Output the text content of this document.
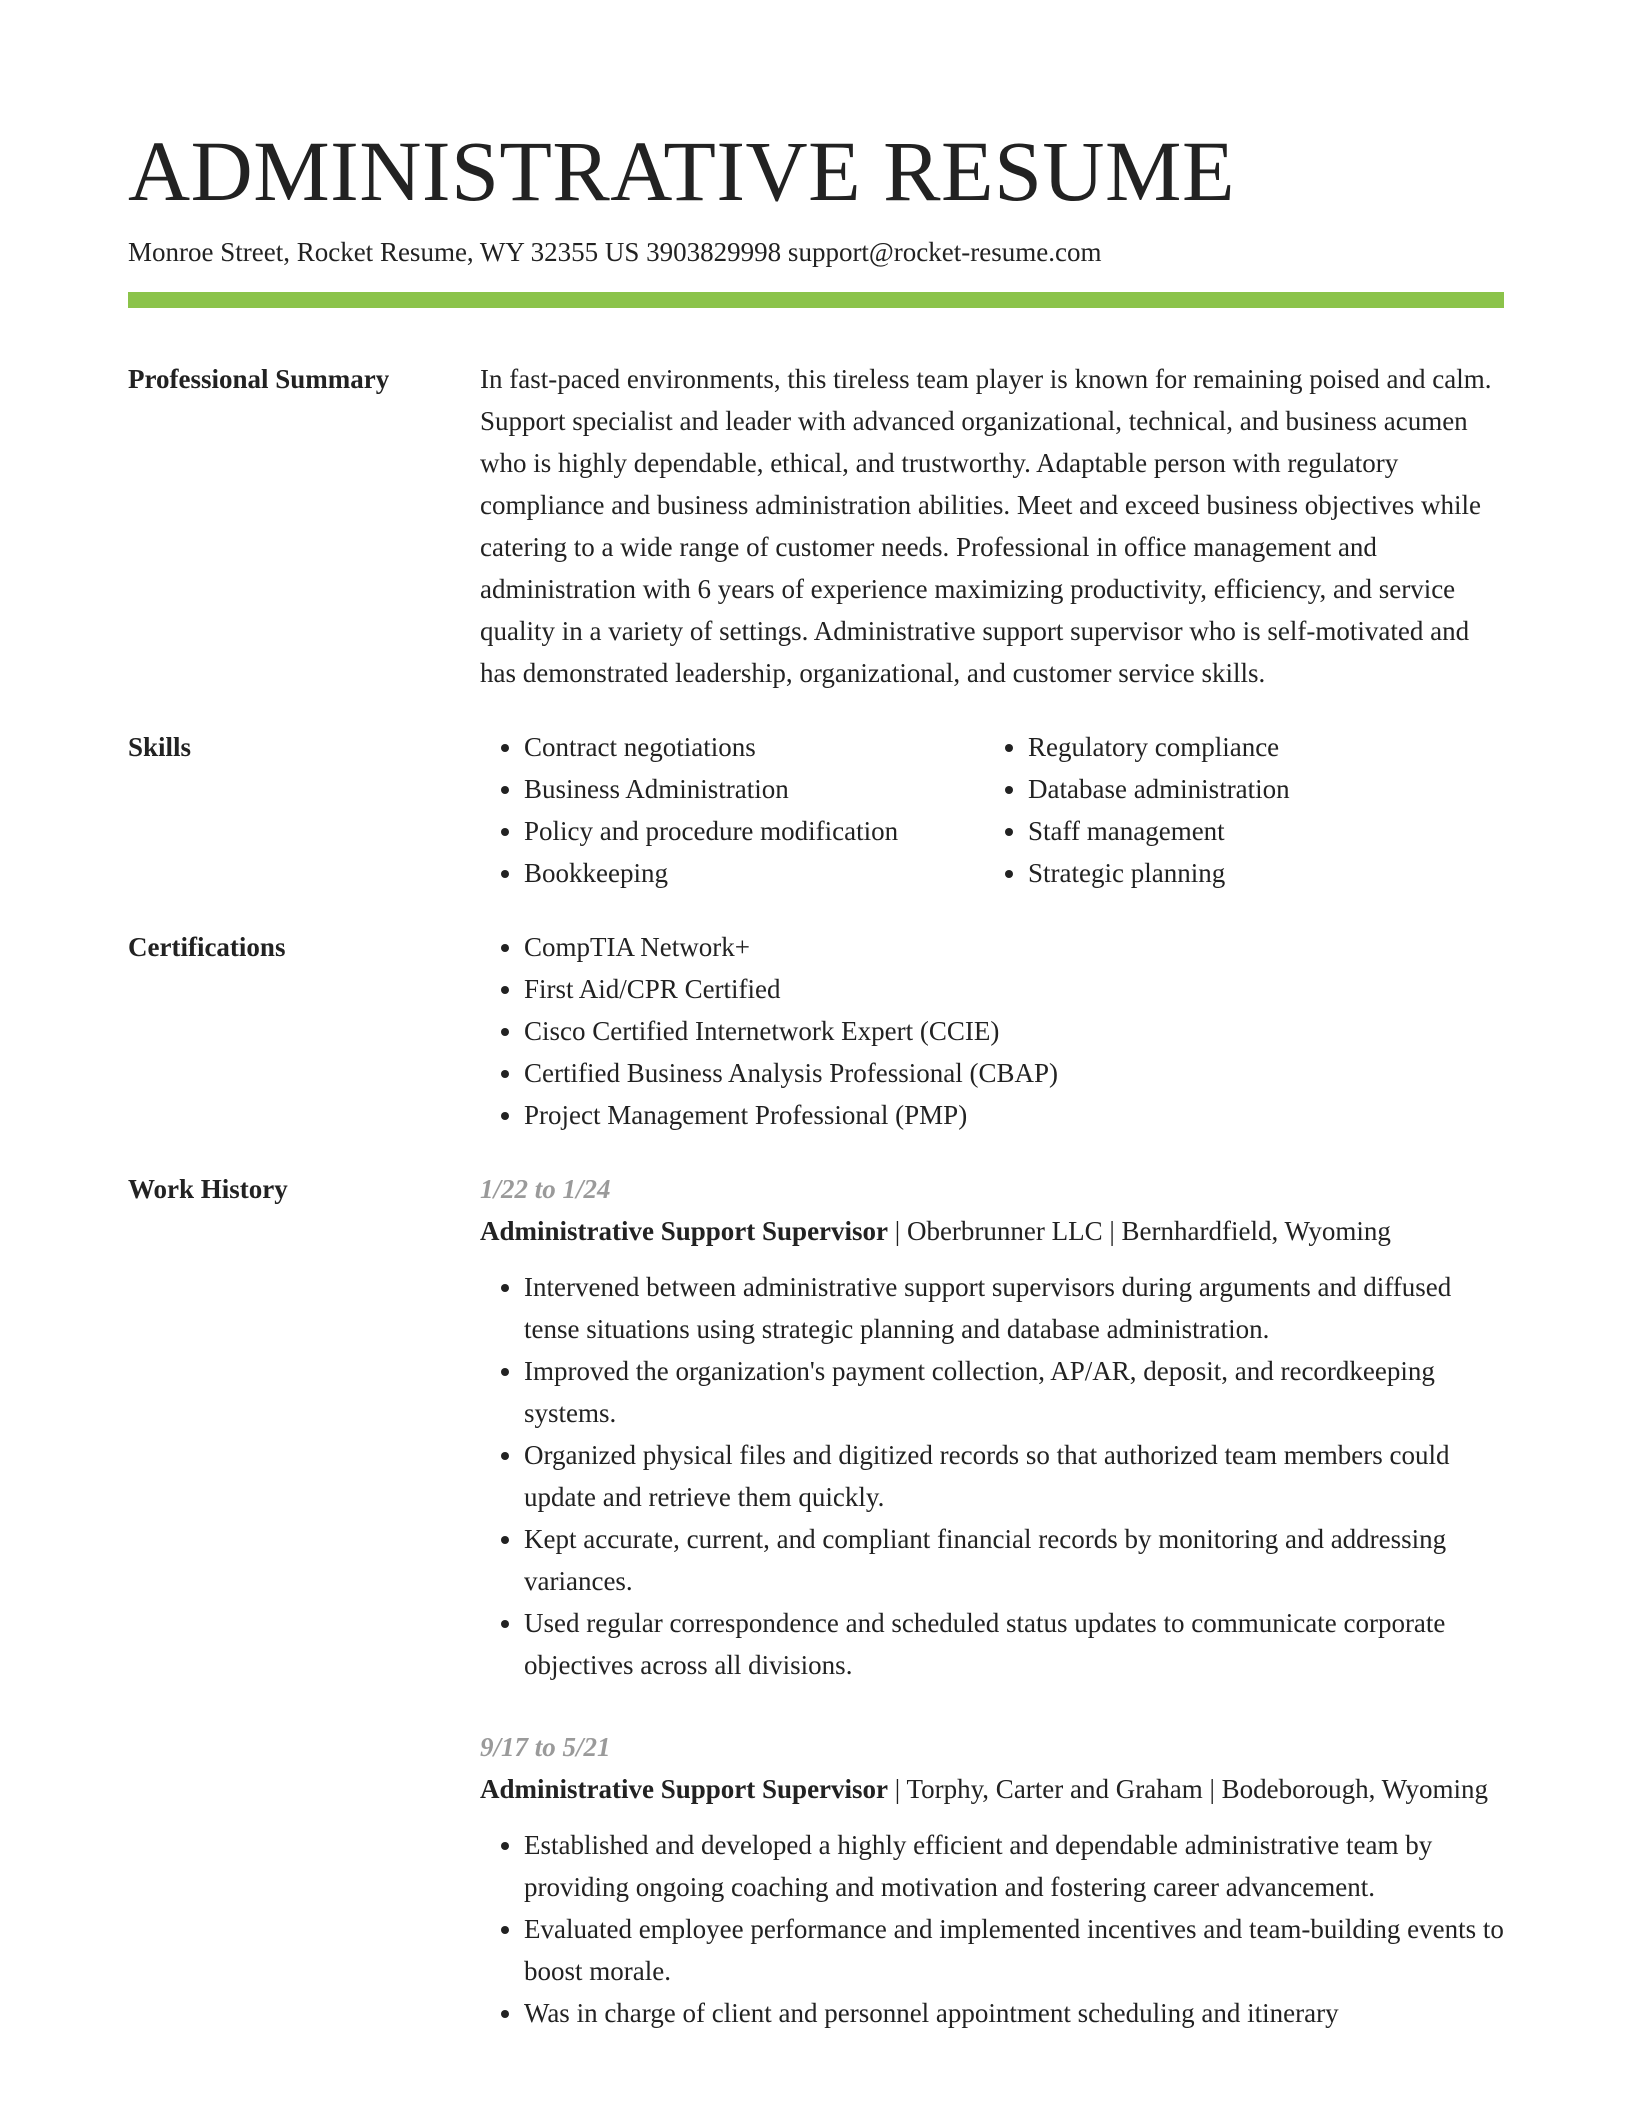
ADMINISTRATIVE RESUME
Monroe Street, Rocket Resume, WY 32355 US 3903829998 support@rocket-resume.com
Professional Summary	In fast-paced environments, this tireless team player is known for remaining poised and calm. Support specialist and leader with advanced organizational, technical, and business acumen who is highly dependable, ethical, and trustworthy. Adaptable person with regulatory compliance and business administration abilities. Meet and exceed business objectives while catering to a wide range of customer needs. Professional in office management and administration with 6 years of experience maximizing productivity, efficiency, and service quality in a variety of settings. Administrative support supervisor who is self-motivated and has demonstrated leadership, organizational, and customer service skills.

Skills	• Contract negotiations
• Business Administration
• Policy and procedure modification
• Bookkeeping
• Regulatory compliance
• Database administration
• Staff management
• Strategic planning
Certifications	• CompTIA Network+
• First Aid/CPR Certified
• Cisco Certified Internetwork Expert (CCIE)
• Certified Business Analysis Professional (CBAP)
• Project Management Professional (PMP)
Work History	1/22 to 1/24
Administrative Support Supervisor | Oberbrunner LLC | Bernhardfield, Wyoming
• Intervened between administrative support supervisors during arguments and diffused tense situations using strategic planning and database administration.
• Improved the organization's payment collection, AP/AR, deposit, and recordkeeping systems.
• Organized physical files and digitized records so that authorized team members could update and retrieve them quickly.
• Kept accurate, current, and compliant financial records by monitoring and addressing variances.
• Used regular correspondence and scheduled status updates to communicate corporate objectives across all divisions.
9/17 to 5/21
Administrative Support Supervisor | Torphy, Carter and Graham | Bodeborough, Wyoming
• Established and developed a highly efficient and dependable administrative team by providing ongoing coaching and motivation and fostering career advancement.
• Evaluated employee performance and implemented incentives and team-building events to boost morale.
• Was in charge of client and personnel appointment scheduling and itinerary
